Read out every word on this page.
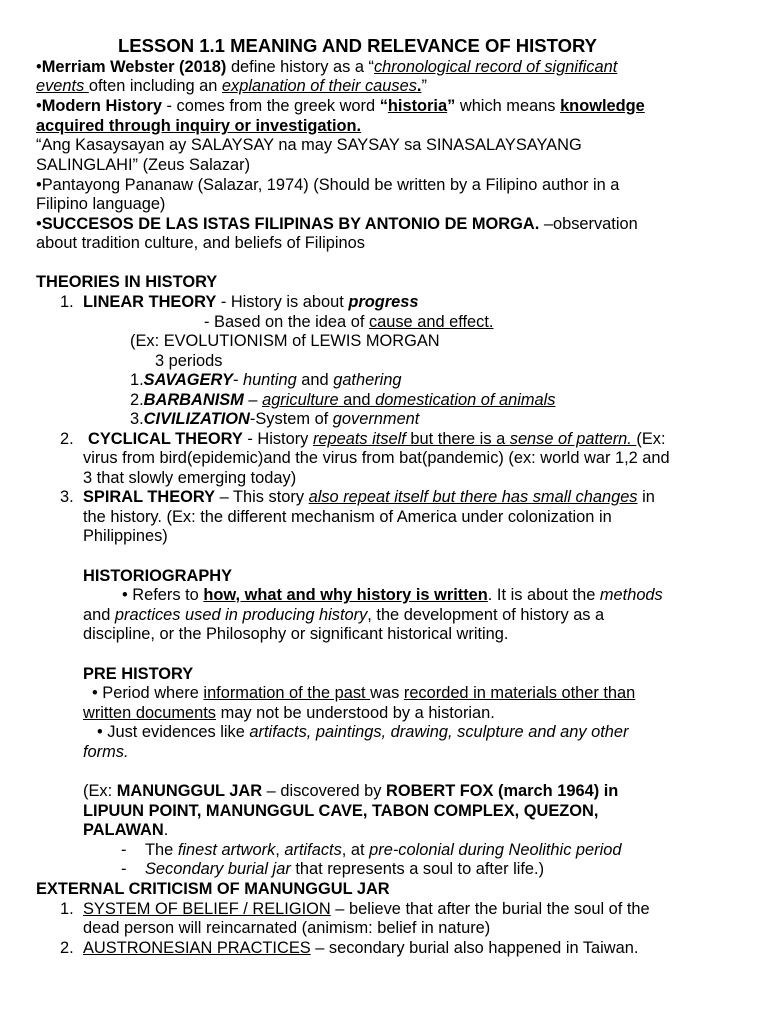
LESSON 1.1 MEANING AND RELEVANCE OF HISTORY
•Merriam Webster (2018) define history as a “chronological record of significant
events often including an explanation of their causes.”
•Modern History - comes from the greek word “historia” which means knowledge
acquired through inquiry or investigation.
“Ang Kasaysayan ay SALAYSAY na may SAYSAY sa SINASALAYSAYANG
SALINGLAHI” (Zeus Salazar)
•Pantayong Pananaw (Salazar, 1974) (Should be written by a Filipino author in a
Filipino language)
•SUCCESOS DE LAS ISTAS FILIPINAS BY ANTONIO DE MORGA. –observation
about tradition culture, and beliefs of Filipinos
THEORIES IN HISTORY
1. LINEAR THEORY - History is about progress
- Based on the idea of cause and effect.
(Ex: EVOLUTIONISM of LEWIS MORGAN
3 periods
1.SAVAGERY- hunting and gathering
2.BARBANISM – agriculture and domestication of animals
3.CIVILIZATION-System of government
2. CYCLICAL THEORY - History repeats itself but there is a sense of pattern. (Ex:
virus from bird(epidemic)and the virus from bat(pandemic) (ex: world war 1,2 and
3 that slowly emerging today)
3. SPIRAL THEORY – This story also repeat itself but there has small changes in
the history. (Ex: the different mechanism of America under colonization in
Philippines)
HISTORIOGRAPHY
• Refers to how, what and why history is written. It is about the methods
and practices used in producing history, the development of history as a
discipline, or the Philosophy or significant historical writing.
PRE HISTORY
• Period where information of the past was recorded in materials other than
written documents may not be understood by a historian.
• Just evidences like artifacts, paintings, drawing, sculpture and any other
forms.
(Ex: MANUNGGUL JAR – discovered by ROBERT FOX (march 1964) in
LIPUUN POINT, MANUNGGUL CAVE, TABON COMPLEX, QUEZON,
PALAWAN.
- The finest artwork, artifacts, at pre-colonial during Neolithic period
- Secondary burial jar that represents a soul to after life.)
EXTERNAL CRITICISM OF MANUNGGUL JAR
1. SYSTEM OF BELIEF / RELIGION – believe that after the burial the soul of the
dead person will reincarnated (animism: belief in nature)
2. AUSTRONESIAN PRACTICES – secondary burial also happened in Taiwan.
